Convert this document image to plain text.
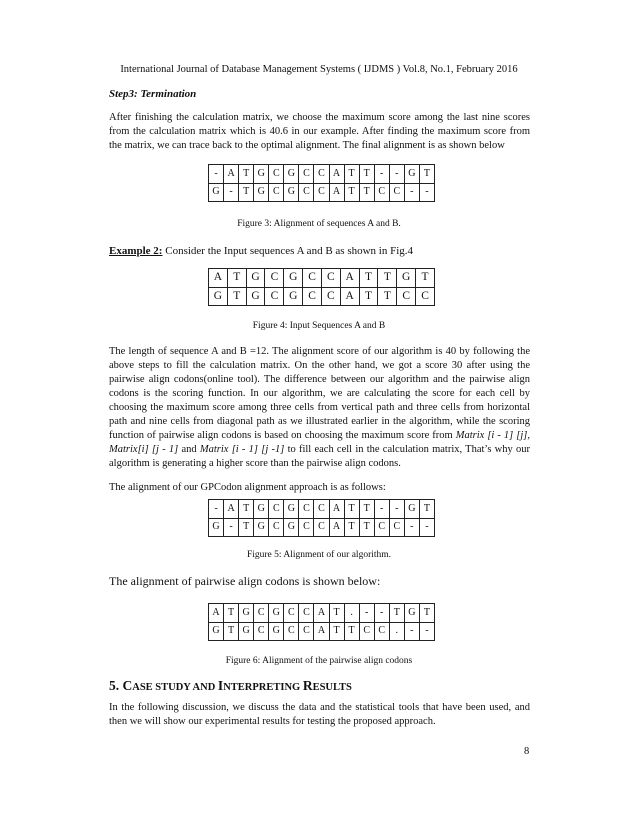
International Journal of Database Management Systems ( IJDMS ) Vol.8, No.1, February 2016
Step3: Termination
After finishing the calculation matrix, we choose the maximum score among the last nine scores from the calculation matrix which is 40.6 in our example. After finding the maximum score from the matrix, we can trace back to the optimal alignment. The final alignment is as shown below
-	A	T	G	C	G	C	C	A	T	T	-	-	G	T
G	-	T	G	C	G	C	C	A	T	T	C	C	-	-
Figure 3: Alignment of sequences A and B.
Example 2: Consider the Input sequences A and B as shown in Fig.4
A	T	G	C	G	C	C	A	T	T	G	T
G	T	G	C	G	C	C	A	T	T	C	C
Figure 4: Input Sequences A and B
The length of sequence A and B =12. The alignment score of our algorithm is 40 by following the above steps to fill the calculation matrix. On the other hand, we got a score 30 after using the pairwise align codons(online tool). The difference between our algorithm and the pairwise align codons is the scoring function. In our algorithm, we are calculating the score for each cell by choosing the maximum score among three cells from vertical path and three cells from horizontal path and nine cells from diagonal path as we illustrated earlier in the algorithm, while the scoring function of pairwise align codons is based on choosing the maximum score from Matrix [i - 1] [j], Matrix[i] [j - 1] and Matrix [i - 1] [j -1] to fill each cell in the calculation matrix, That’s why our algorithm is generating a higher score than the pairwise align codons.
The alignment of our GPCodon alignment approach is as follows:
-	A	T	G	C	G	C	C	A	T	T	-	-	G	T
G	-	T	G	C	G	C	C	A	T	T	C	C	-	-
Figure 5: Alignment of our algorithm.
The alignment of pairwise align codons is shown below:
A	T	G	C	G	C	C	A	T	.	-	-	T	G	T
G	T	G	C	G	C	C	A	T	T	C	C	.	-	-
Figure 6: Alignment of the pairwise align codons
5. CASE STUDY AND INTERPRETING RESULTS
In the following discussion, we discuss the data and the statistical tools that have been used, and then we will show our experimental results for testing the proposed approach.
8
